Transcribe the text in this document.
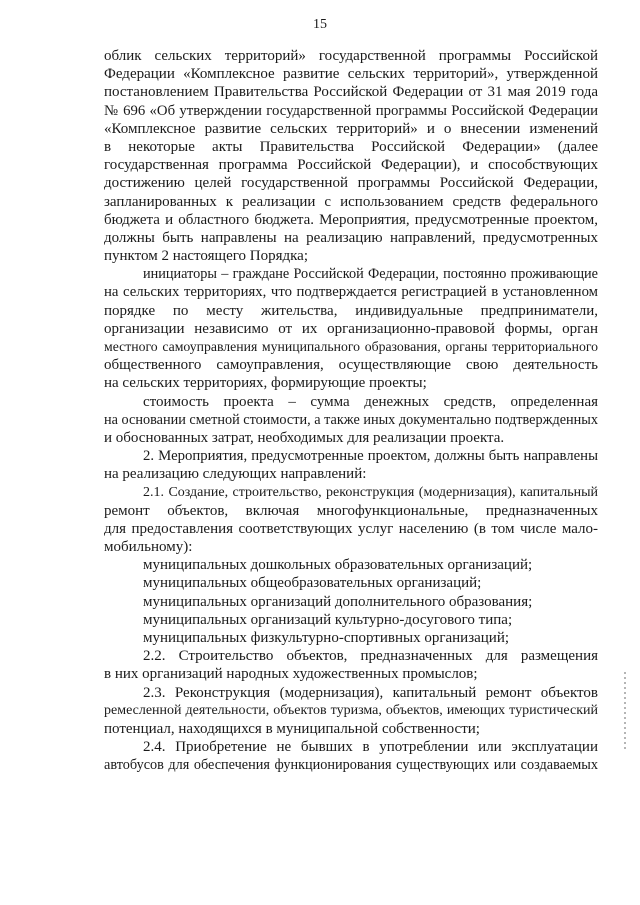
15
облик сельских территорий» государственной программы Российской
Федерации «Комплексное развитие сельских территорий», утвержденной
постановлением Правительства Российской Федерации от 31 мая 2019 года
№ 696 «Об утверждении государственной программы Российской Федерации
«Комплексное развитие сельских территорий» и о внесении изменений
в некоторые акты Правительства Российской Федерации» (далее
государственная программа Российской Федерации), и способствующих
достижению целей государственной программы Российской Федерации,
запланированных к реализации с использованием средств федерального
бюджета и областного бюджета. Мероприятия, предусмотренные проектом,
должны быть направлены на реализацию направлений, предусмотренных
пунктом 2 настоящего Порядка;
инициаторы – граждане Российской Федерации, постоянно проживающие
на сельских территориях, что подтверждается регистрацией в установленном
порядке по месту жительства, индивидуальные предприниматели,
организации независимо от их организационно-правовой формы, орган
местного самоуправления муниципального образования, органы территориального
общественного самоуправления, осуществляющие свою деятельность
на сельских территориях, формирующие проекты;
стоимость проекта – сумма денежных средств, определенная
на основании сметной стоимости, а также иных документально подтвержденных
и обоснованных затрат, необходимых для реализации проекта.
2. Мероприятия, предусмотренные проектом, должны быть направлены
на реализацию следующих направлений:
2.1. Создание, строительство, реконструкция (модернизация), капитальный
ремонт объектов, включая многофункциональные, предназначенных
для предоставления соответствующих услуг населению (в том числе мало-
мобильному):
муниципальных дошкольных образовательных организаций;
муниципальных общеобразовательных организаций;
муниципальных организаций дополнительного образования;
муниципальных организаций культурно-досугового типа;
муниципальных физкультурно-спортивных организаций;
2.2. Строительство объектов, предназначенных для размещения
в них организаций народных художественных промыслов;
2.3. Реконструкция (модернизация), капитальный ремонт объектов
ремесленной деятельности, объектов туризма, объектов, имеющих туристический
потенциал, находящихся в муниципальной собственности;
2.4. Приобретение не бывших в употреблении или эксплуатации
автобусов для обеспечения функционирования существующих или создаваемых
